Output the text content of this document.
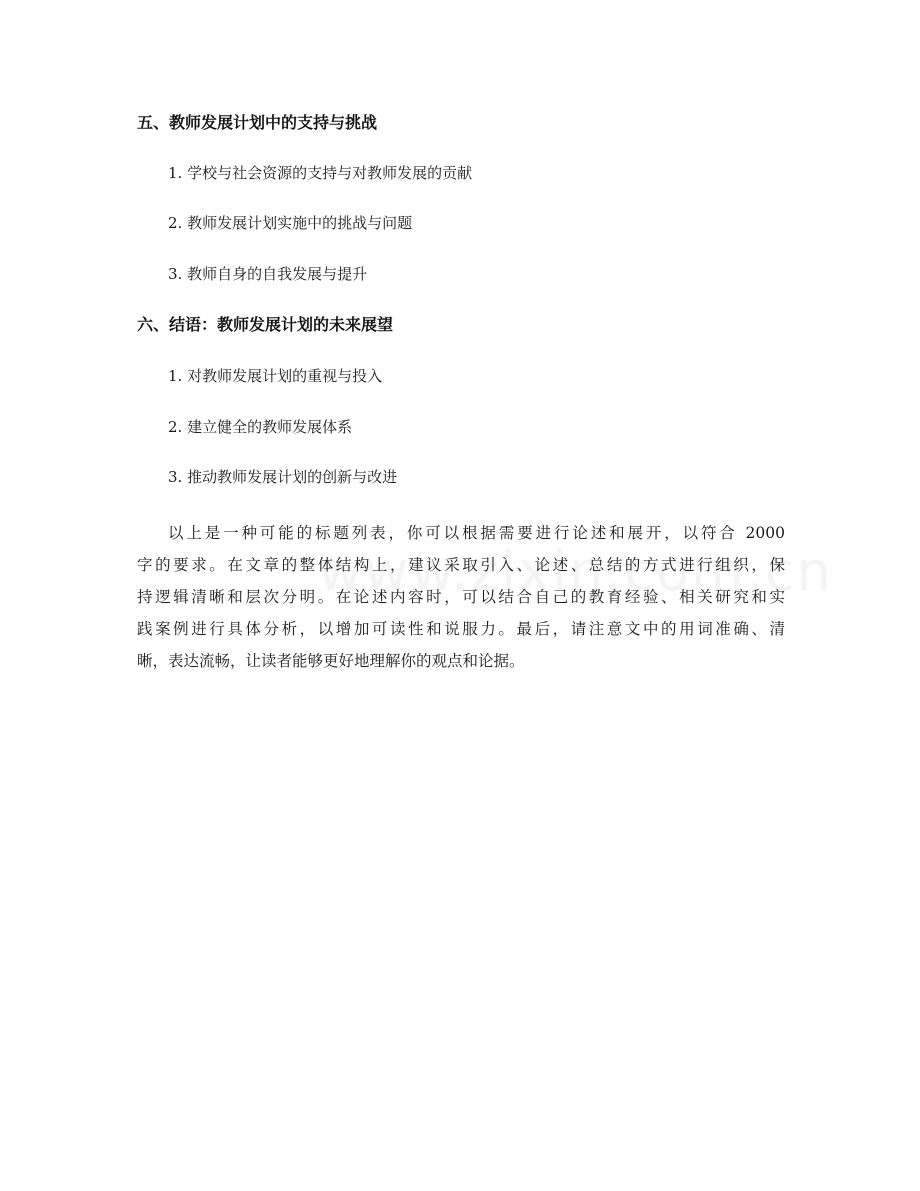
五、教师发展计划中的支持与挑战
1. 学校与社会资源的支持与对教师发展的贡献
2. 教师发展计划实施中的挑战与问题
3. 教师自身的自我发展与提升
六、结语：教师发展计划的未来展望
1. 对教师发展计划的重视与投入
2. 建立健全的教师发展体系
3. 推动教师发展计划的创新与改进
以上是一种可能的标题列表，你可以根据需要进行论述和展开，以符合 2000
字的要求。在文章的整体结构上，建议采取引入、论述、总结的方式进行组织，保
持逻辑清晰和层次分明。在论述内容时，可以结合自己的教育经验、相关研究和实
践案例进行具体分析，以增加可读性和说服力。最后，请注意文中的用词准确、清
晰，表达流畅，让读者能够更好地理解你的观点和论据。
